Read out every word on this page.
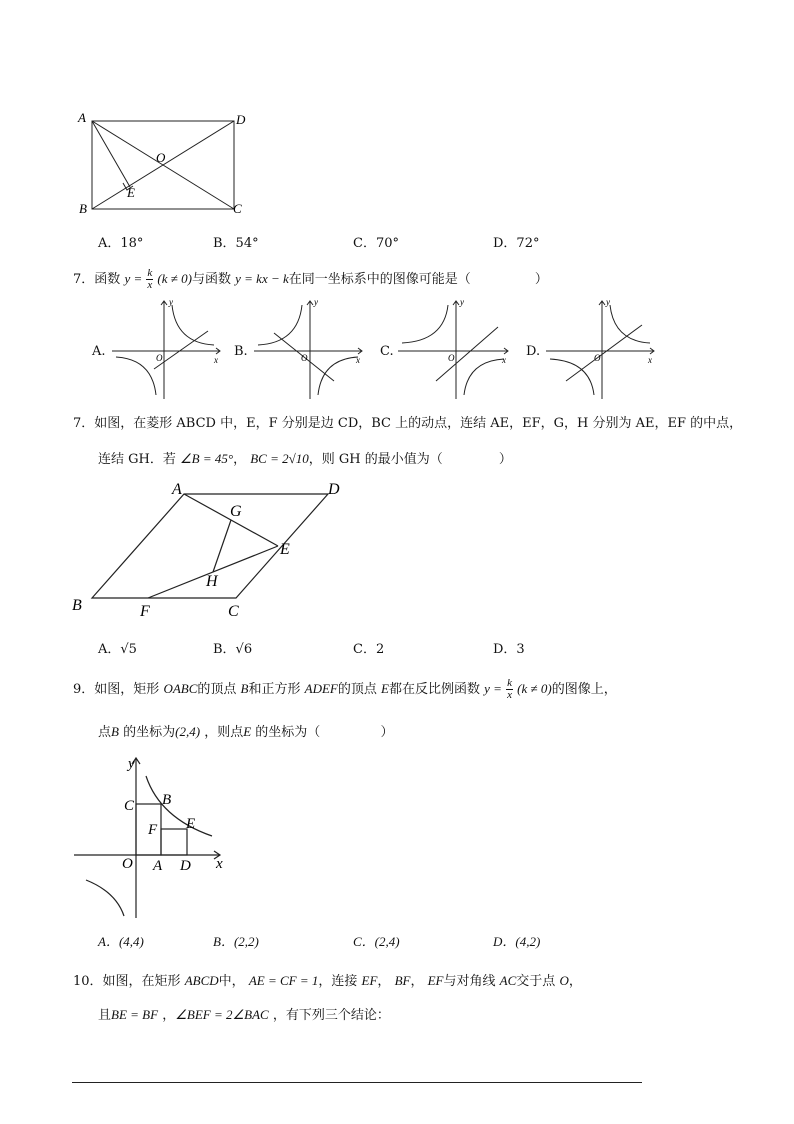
A	D
O
E
B	C
A．18°	B．54°	C．70°	D．72°
7．函数 $y = \frac{k}{x} (k \ne 0)$与函数 y = kx − k在同一坐标系中的图像可能是（	）
A.	B.	C.	D.
O	x
y
O	x
y
O	x
y
O	x
y
7．如图，在菱形 ABCD 中，E，F 分别是边 CD，BC 上的动点，连结 AE，EF，G，H 分别为 AE，EF 的中点，
连结 GH．若 ∠B = 45°， BC = 2√10，则 GH 的最小值为（	）
A	D
G
E
H
B	F	C
A．√5	B．√6	C．2	D．3
9．如图，矩形 OABC的顶点 B和正方形 ADEF的顶点 E都在反比例函数 $y = \frac{k}{x} (k \ne 0)$的图像上，
点B 的坐标为(2,4) ，则点E 的坐标为（	）
y
C B
F E
O A D x
A．(4,4)	B．(2,2)	C．(2,4)	D．(4,2)
10．如图，在矩形 ABCD中， AE = CF = 1，连接 EF， BF， EF与对角线 AC交于点 O，
且BE = BF ，∠BEF = 2∠BAC ，有下列三个结论：
